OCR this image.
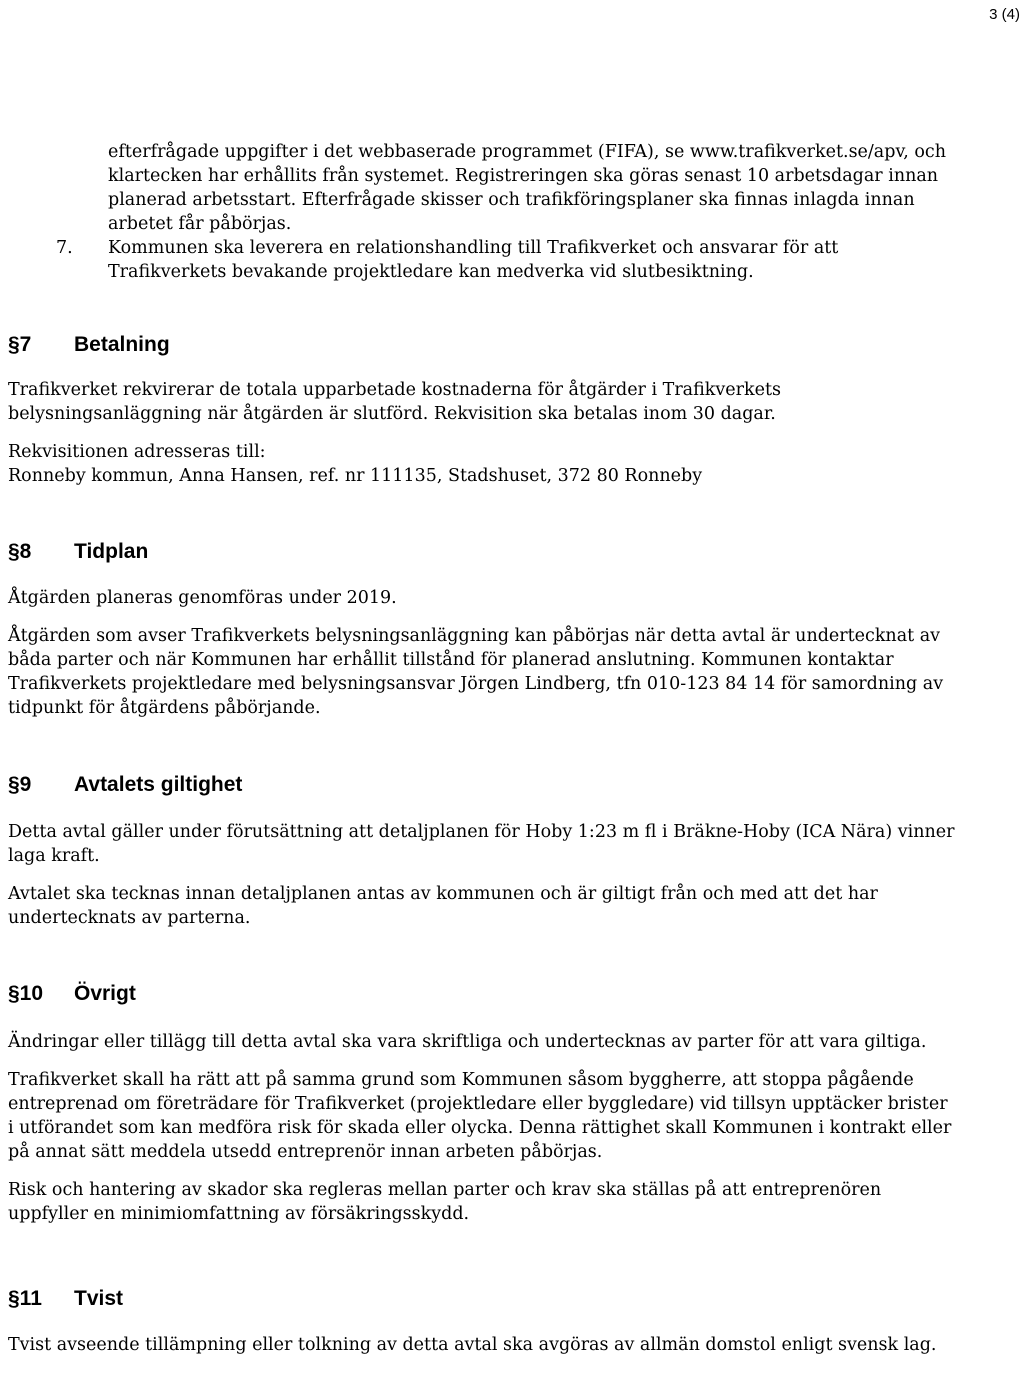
3 (4)
efterfrågade uppgifter i det webbaserade programmet (FIFA), se www.trafikverket.se/apv, och klartecken har erhållits från systemet. Registreringen ska göras senast 10 arbetsdagar innan planerad arbetsstart. Efterfrågade skisser och trafikföringsplaner ska finnas inlagda innan arbetet får påbörjas.
7. Kommunen ska leverera en relationshandling till Trafikverket och ansvarar för att Trafikverkets bevakande projektledare kan medverka vid slutbesiktning.
§7 Betalning

Trafikverket rekvirerar de totala upparbetade kostnaderna för åtgärder i Trafikverkets belysningsanläggning när åtgärden är slutförd. Rekvisition ska betalas inom 30 dagar.

Rekvisitionen adresseras till:

Ronneby kommun, Anna Hansen, ref. nr 111135, Stadshuset, 372 80 Ronneby

§8 Tidplan

Åtgärden planeras genomföras under 2019.

Åtgärden som avser Trafikverkets belysningsanläggning kan påbörjas när detta avtal är undertecknat av båda parter och när Kommunen har erhållit tillstånd för planerad anslutning. Kommunen kontaktar Trafikverkets projektledare med belysningsansvar Jörgen Lindberg, tfn 010-123 84 14 för samordning av tidpunkt för åtgärdens påbörjande.

§9 Avtalets giltighet

Detta avtal gäller under förutsättning att detaljplanen för Hoby 1:23 m fl i Bräkne-Hoby (ICA Nära) vinner laga kraft.

Avtalet ska tecknas innan detaljplanen antas av kommunen och är giltigt från och med att det har undertecknats av parterna.

§10 Övrigt

Ändringar eller tillägg till detta avtal ska vara skriftliga och undertecknas av parter för att vara giltiga.

Trafikverket skall ha rätt att på samma grund som Kommunen såsom byggherre, att stoppa pågående entreprenad om företrädare för Trafikverket (projektledare eller byggledare) vid tillsyn upptäcker brister i utförandet som kan medföra risk för skada eller olycka. Denna rättighet skall Kommunen i kontrakt eller på annat sätt meddela utsedd entreprenör innan arbeten påbörjas.

Risk och hantering av skador ska regleras mellan parter och krav ska ställas på att entreprenören uppfyller en minimiomfattning av försäkringsskydd.

§11 Tvist

Tvist avseende tillämpning eller tolkning av detta avtal ska avgöras av allmän domstol enligt svensk lag.
